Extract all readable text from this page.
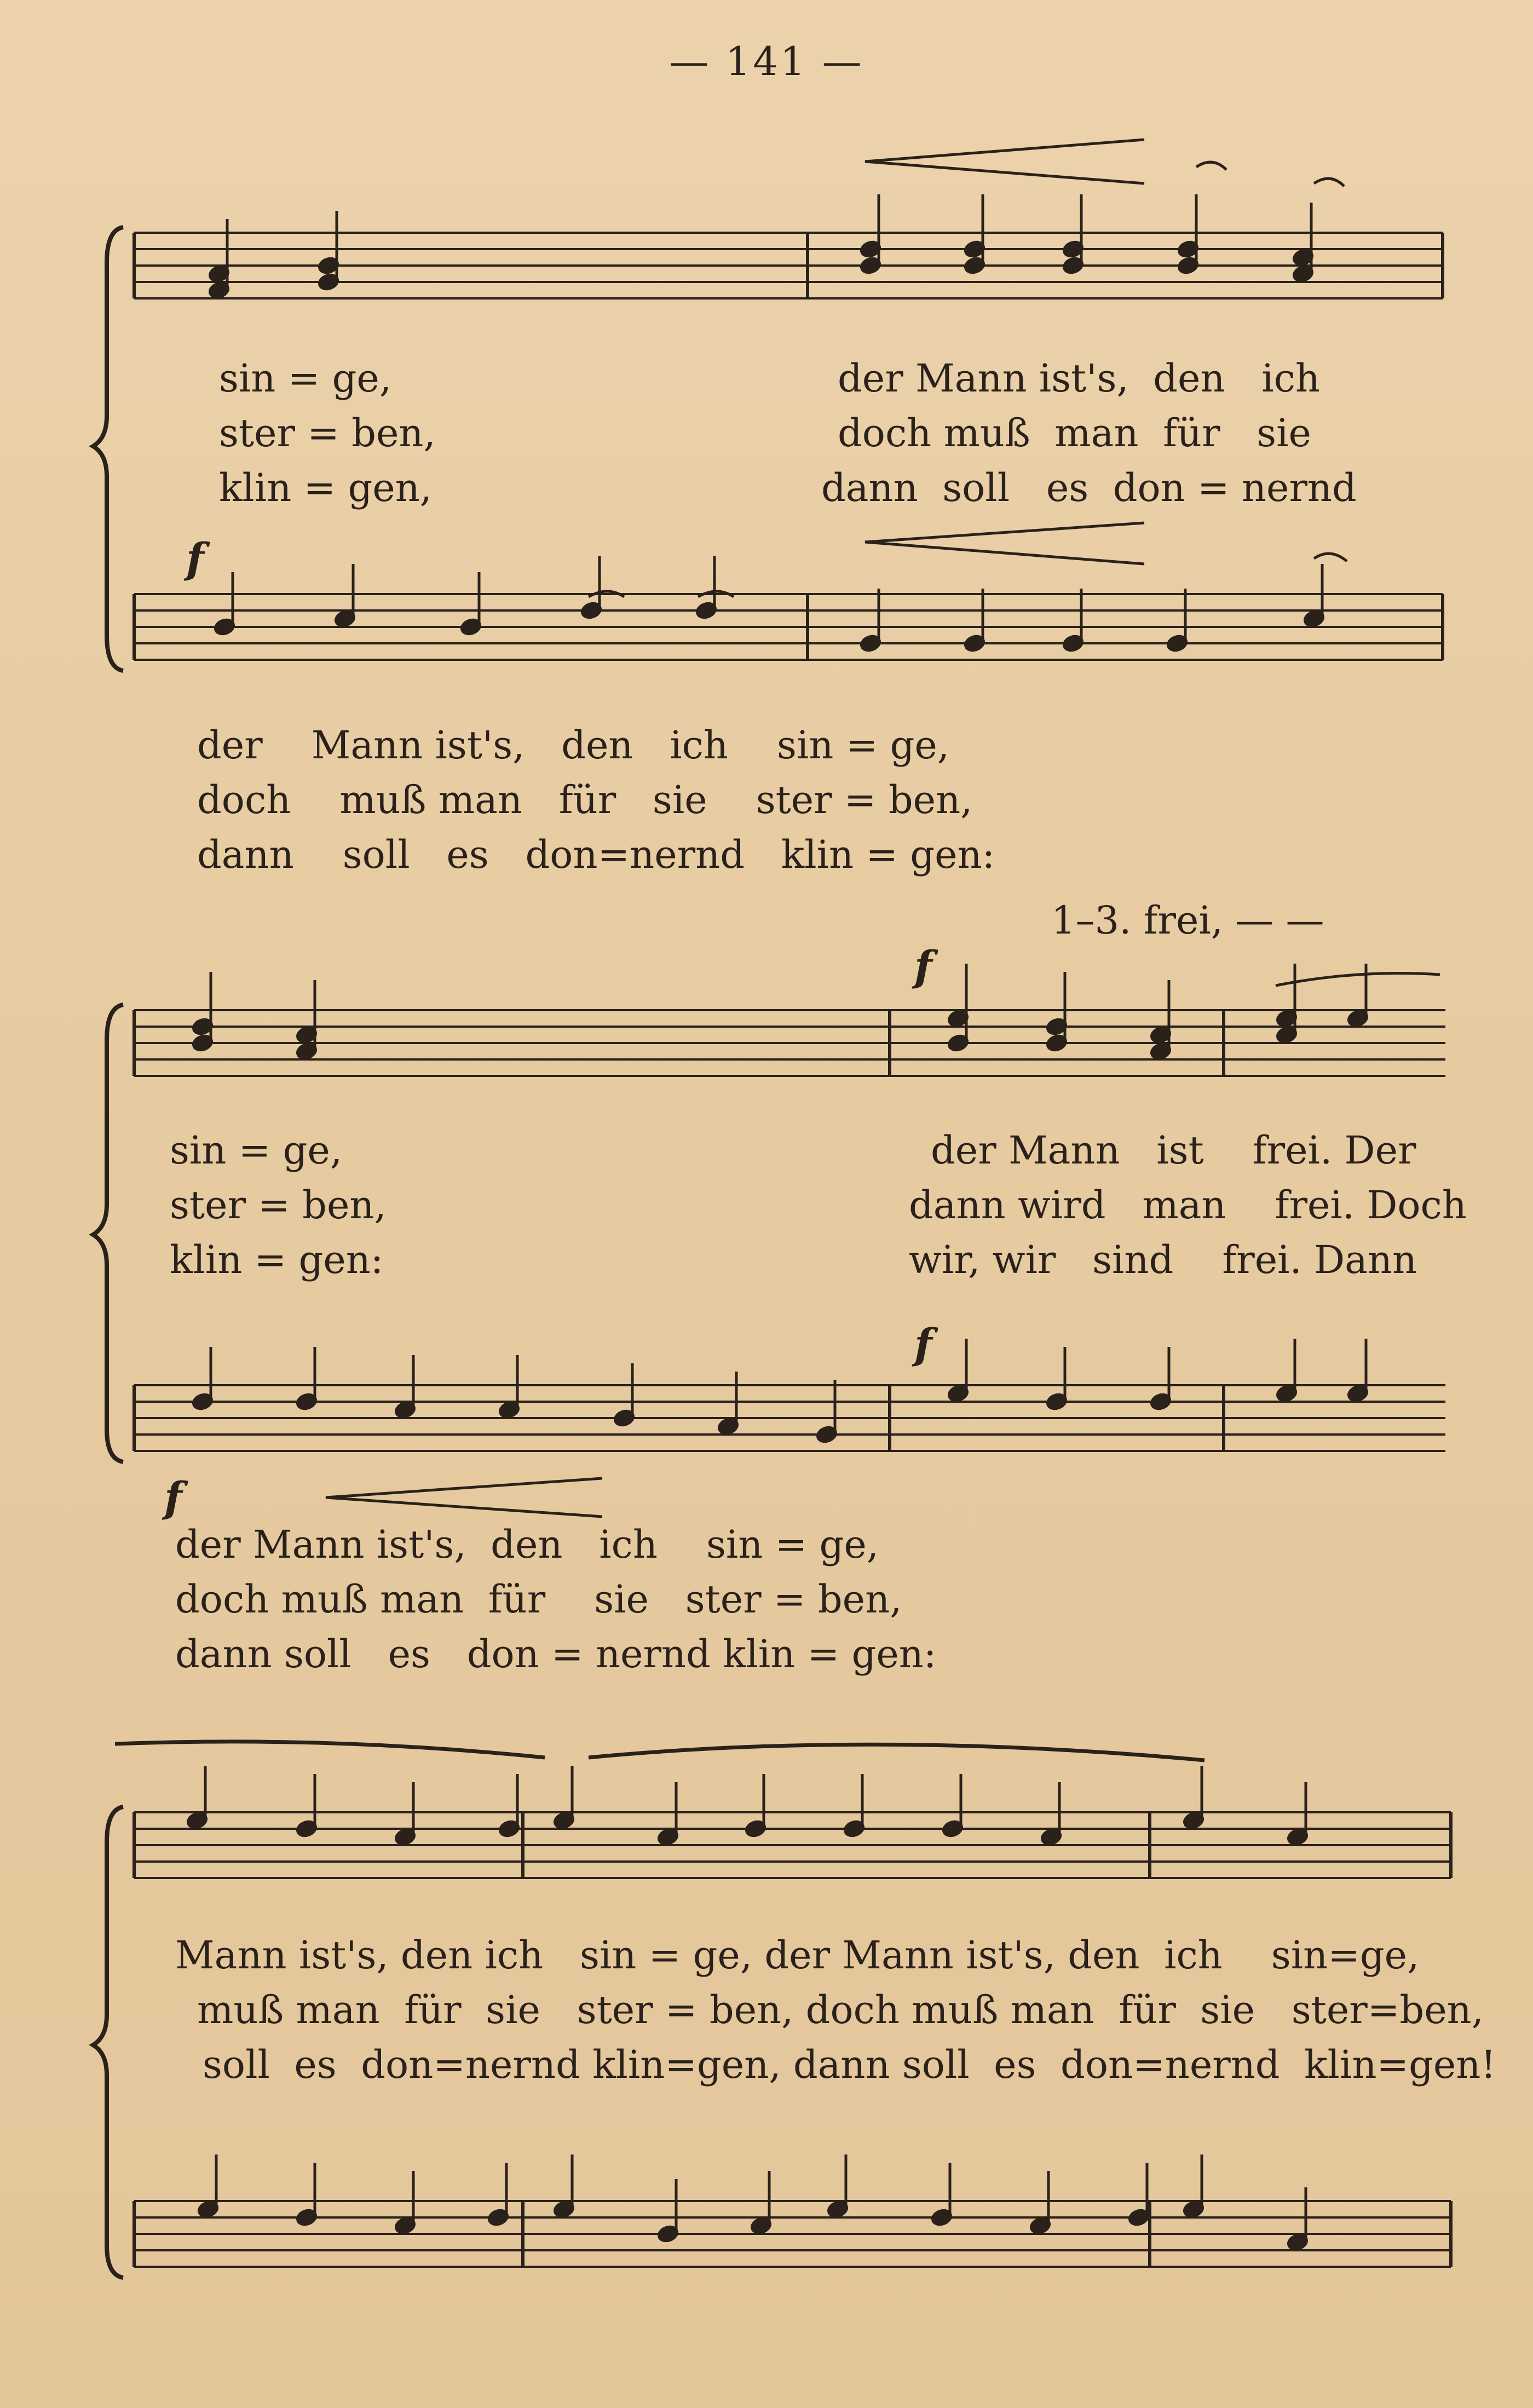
— 141 —
f
f
f
f
sin = ge,	der Mann ist's, den ich
ster = ben,	doch muß man für sie
klin = gen,	dann soll es don = nernd
der Mann ist's, den ich sin = ge,
doch muß man für sie ster = ben,
dann soll es don=nernd klin = gen:
1–3. frei, — —
sin = ge,	der Mann ist frei. Der
ster = ben,	dann wird man frei. Doch
klin = gen:	wir, wir sind frei. Dann
der Mann ist's, den ich sin = ge,
doch muß man für sie ster = ben,
dann soll es don = nernd klin = gen:
Mann ist's, den ich sin = ge, der Mann ist's, den ich sin=ge,
muß man für sie ster = ben, doch muß man für sie ster=ben,
soll es don=nernd klin=gen, dann soll es don=nernd klin=gen!
